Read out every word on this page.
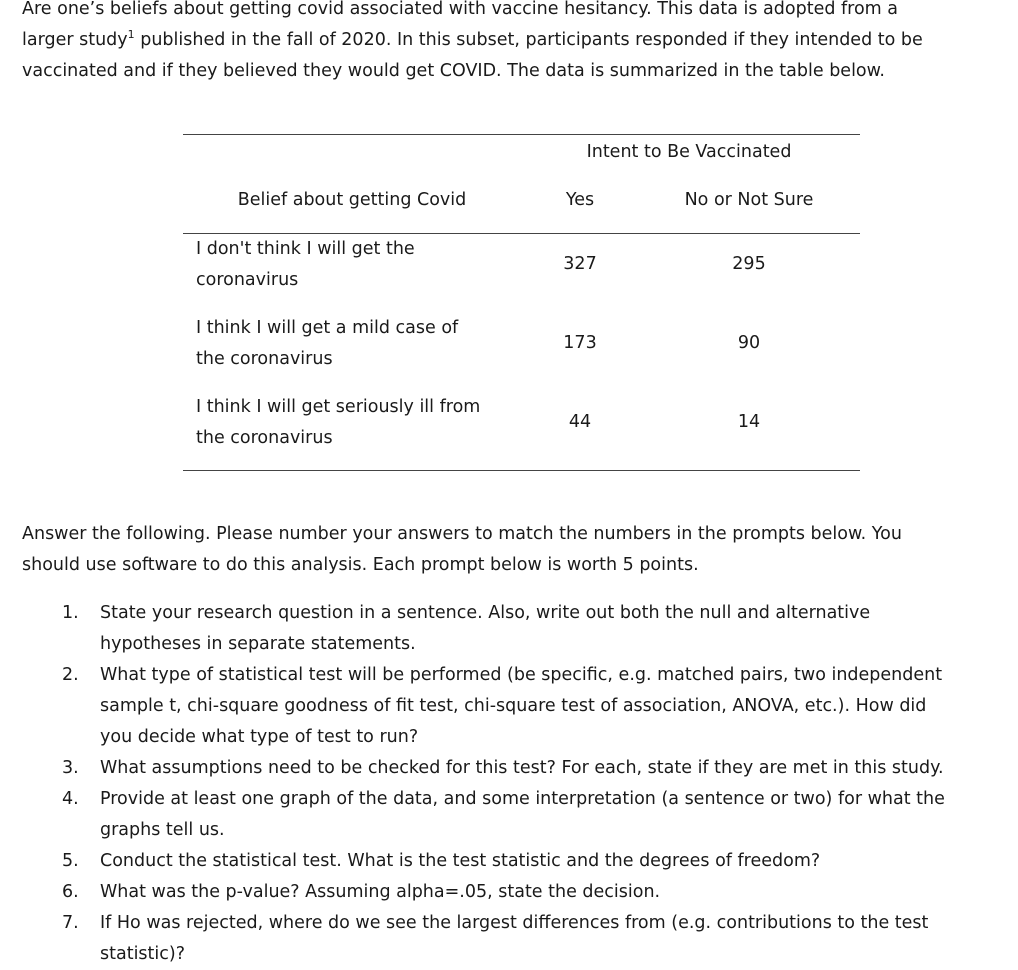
Are one’s beliefs about getting covid associated with vaccine hesitancy. This data is adopted from a
larger study$^1$ published in the fall of 2020. In this subset, participants responded if they intended to be
vaccinated and if they believed they would get COVID. The data is summarized in the table below.
Intent to Be Vaccinated
Belief about getting Covid	Yes	No or Not Sure
I don't think I will get the
coronavirus
327	295
I think I will get a mild case of
the coronavirus
173	90
I think I will get seriously ill from
the coronavirus
44	14
Answer the following. Please number your answers to match the numbers in the prompts below. You
should use software to do this analysis. Each prompt below is worth 5 points.
1. State your research question in a sentence. Also, write out both the null and alternative
hypotheses in separate statements.
2. What type of statistical test will be performed (be specific, e.g. matched pairs, two independent
sample t, chi-square goodness of fit test, chi-square test of association, ANOVA, etc.). How did
you decide what type of test to run?
3. What assumptions need to be checked for this test? For each, state if they are met in this study.
4. Provide at least one graph of the data, and some interpretation (a sentence or two) for what the
graphs tell us.
5. Conduct the statistical test. What is the test statistic and the degrees of freedom?
6. What was the p-value? Assuming alpha=.05, state the decision.
7. If Ho was rejected, where do we see the largest differences from (e.g. contributions to the test
statistic)?
